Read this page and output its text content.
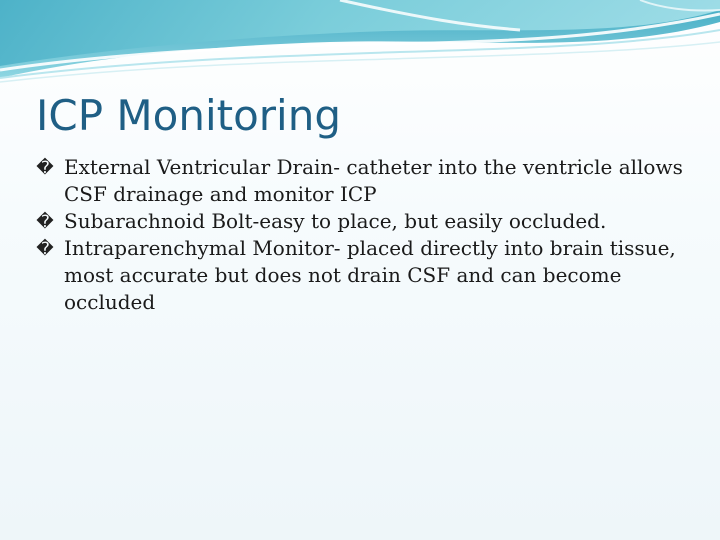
ICP Monitoring
� External Ventricular Drain- catheter into the ventricle allows CSF drainage and monitor ICP
� Subarachnoid Bolt-easy to place, but easily occluded.
� Intraparenchymal Monitor- placed directly into brain tissue, most accurate but does not drain CSF and can become occluded
